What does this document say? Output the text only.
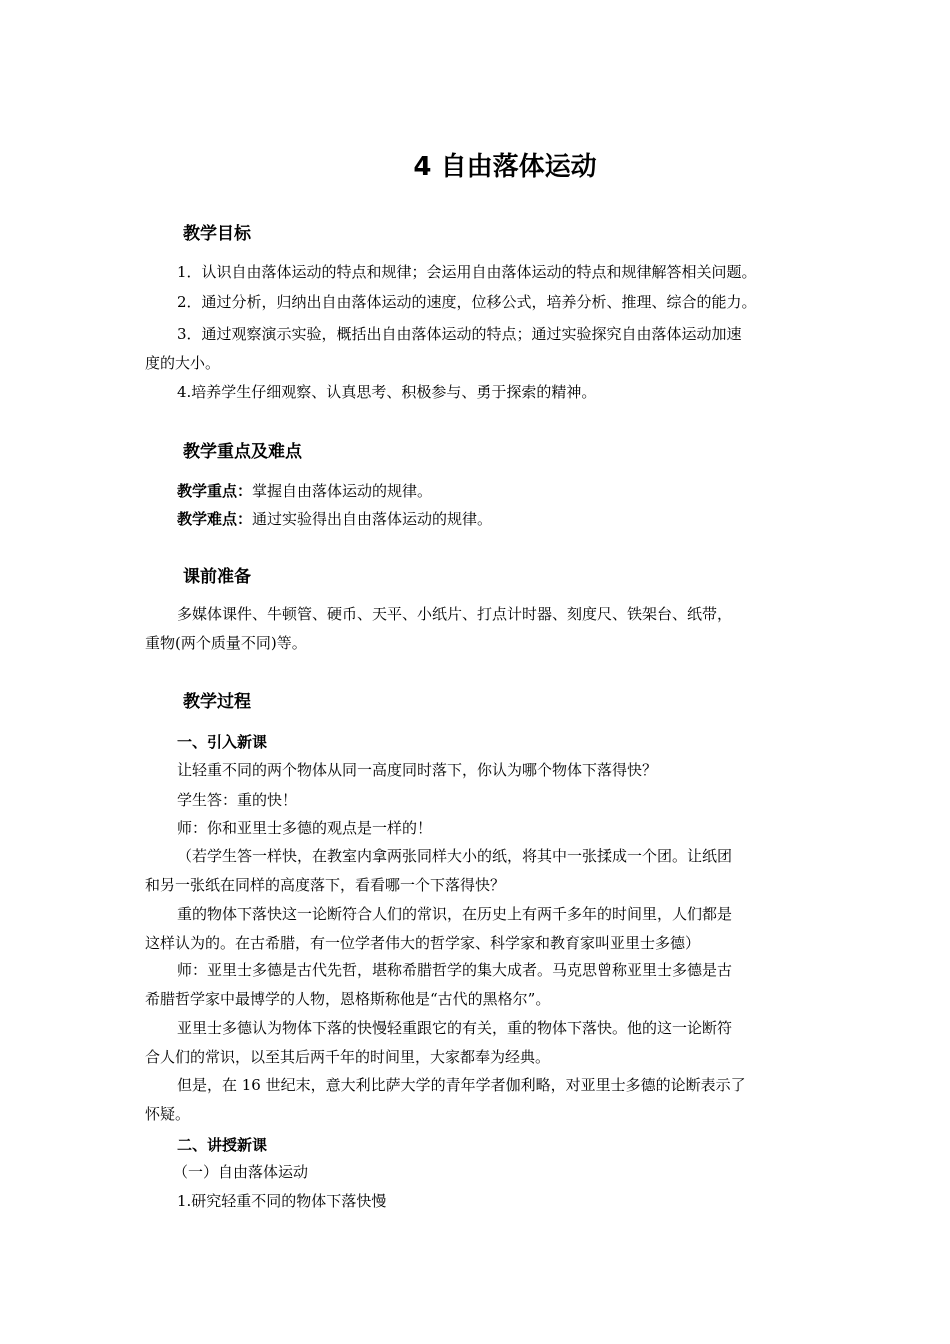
4 自由落体运动
教学目标
1．认识自由落体运动的特点和规律；会运用自由落体运动的特点和规律解答相关问题。
2．通过分析，归纳出自由落体运动的速度，位移公式，培养分析、推理、综合的能力。
3．通过观察演示实验，概括出自由落体运动的特点；通过实验探究自由落体运动加速
度的大小。
4.培养学生仔细观察、认真思考、积极参与、勇于探索的精神。
教学重点及难点
教学重点：掌握自由落体运动的规律。
教学难点：通过实验得出自由落体运动的规律。
课前准备
多媒体课件、牛顿管、硬币、天平、小纸片、打点计时器、刻度尺、铁架台、纸带，
重物(两个质量不同)等。
教学过程
一、引入新课
让轻重不同的两个物体从同一高度同时落下，你认为哪个物体下落得快？
学生答：重的快！
师：你和亚里士多德的观点是一样的！
（若学生答一样快，在教室内拿两张同样大小的纸，将其中一张揉成一个团。让纸团
和另一张纸在同样的高度落下，看看哪一个下落得快？
重的物体下落快这一论断符合人们的常识，在历史上有两千多年的时间里，人们都是
这样认为的。在古希腊，有一位学者伟大的哲学家、科学家和教育家叫亚里士多德）
师：亚里士多德是古代先哲，堪称希腊哲学的集大成者。马克思曾称亚里士多德是古
希腊哲学家中最博学的人物，恩格斯称他是“古代的黑格尔”。
亚里士多德认为物体下落的快慢轻重跟它的有关，重的物体下落快。他的这一论断符
合人们的常识，以至其后两千年的时间里，大家都奉为经典。
但是，在 16 世纪末，意大利比萨大学的青年学者伽利略，对亚里士多德的论断表示了
怀疑。
二、讲授新课
（一）自由落体运动
1.研究轻重不同的物体下落快慢
